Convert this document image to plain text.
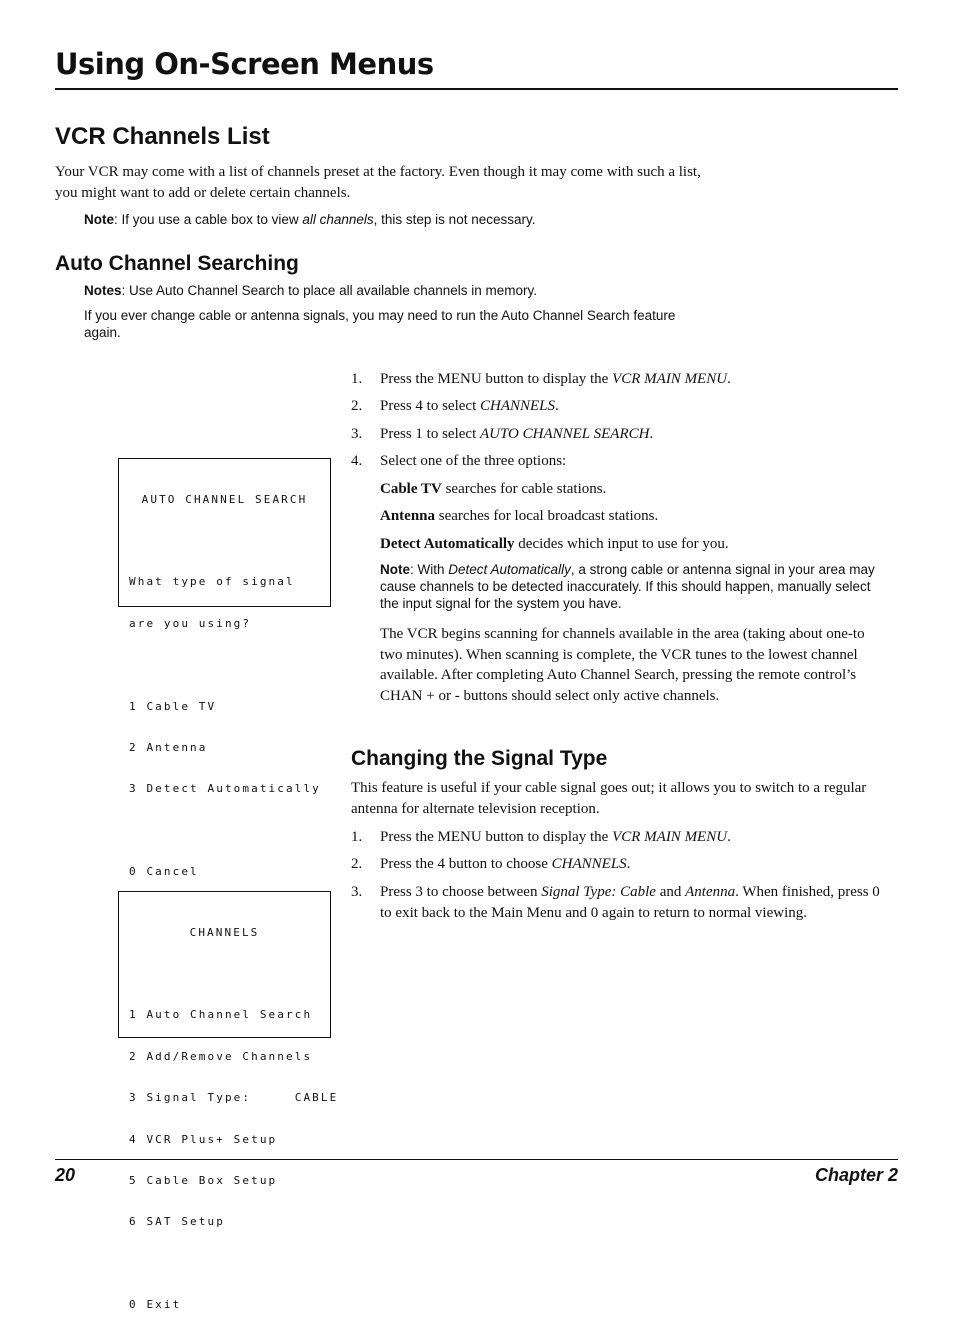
Using On-Screen Menus
VCR Channels List

Your VCR may come with a list of channels preset at the factory. Even though it may come with such a list, you might want to add or delete certain channels.

Note: If you use a cable box to view all channels, this step is not necessary.

Auto Channel Searching

Notes: Use Auto Channel Search to place all available channels in memory.

If you ever change cable or antenna signals, you may need to run the Auto Channel Search feature again.

AUTO CHANNEL SEARCH

What type of signal

are you using?

1 Cable TV

2 Antenna

3 Detect Automatically

0 Cancel

1. Press the MENU button to display the VCR MAIN MENU.
2. Press 4 to select CHANNELS.
3. Press 1 to select AUTO CHANNEL SEARCH.
4. Select one of the three options:
Cable TV searches for cable stations.
Antenna searches for local broadcast stations.
Detect Automatically decides which input to use for you.

Note: With Detect Automatically, a strong cable or antenna signal in your area may cause channels to be detected inaccurately. If this should happen, manually select the input signal for the system you have.

The VCR begins scanning for channels available in the area (taking about one-to two minutes). When scanning is complete, the VCR tunes to the lowest channel available. After completing Auto Channel Search, pressing the remote control’s CHAN + or - buttons should select only active channels.

Changing the Signal Type

This feature is useful if your cable signal goes out; it allows you to switch to a regular antenna for alternate television reception.

1. Press the MENU button to display the VCR MAIN MENU.
2. Press the 4 button to choose CHANNELS.
3. Press 3 to choose between Signal Type: Cable and Antenna. When finished, press 0 to exit back to the Main Menu and 0 again to return to normal viewing.

CHANNELS

1 Auto Channel Search

2 Add/Remove Channels

3 Signal Type:     CABLE

4 VCR Plus+ Setup

5 Cable Box Setup

6 SAT Setup

0 Exit

20	Chapter 2
